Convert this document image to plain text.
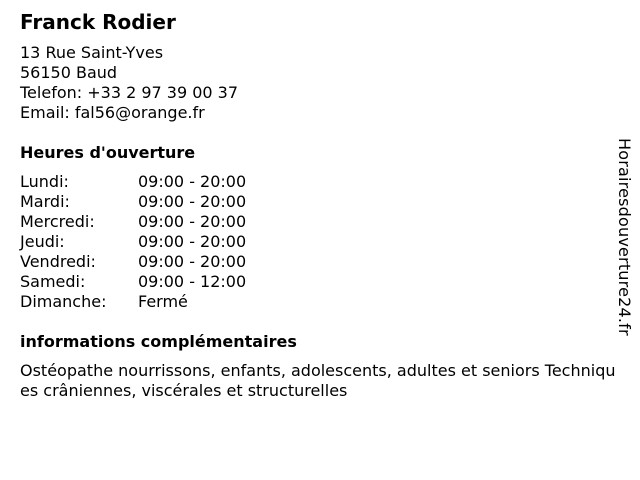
Franck Rodier
13 Rue Saint-Yves
56150 Baud
Telefon: +33 2 97 39 00 37
Email: fal56@orange.fr
Heures d'ouverture
Lundi:	09:00 - 20:00
Mardi:	09:00 - 20:00
Mercredi:	09:00 - 20:00
Jeudi:	09:00 - 20:00
Vendredi:	09:00 - 20:00
Samedi:	09:00 - 12:00
Dimanche:	Fermé
informations complémentaires
Ostéopathe nourrissons, enfants, adolescents, adultes et seniors Techniques crâniennes, viscérales et structurelles
Horairesdouverture24.fr
